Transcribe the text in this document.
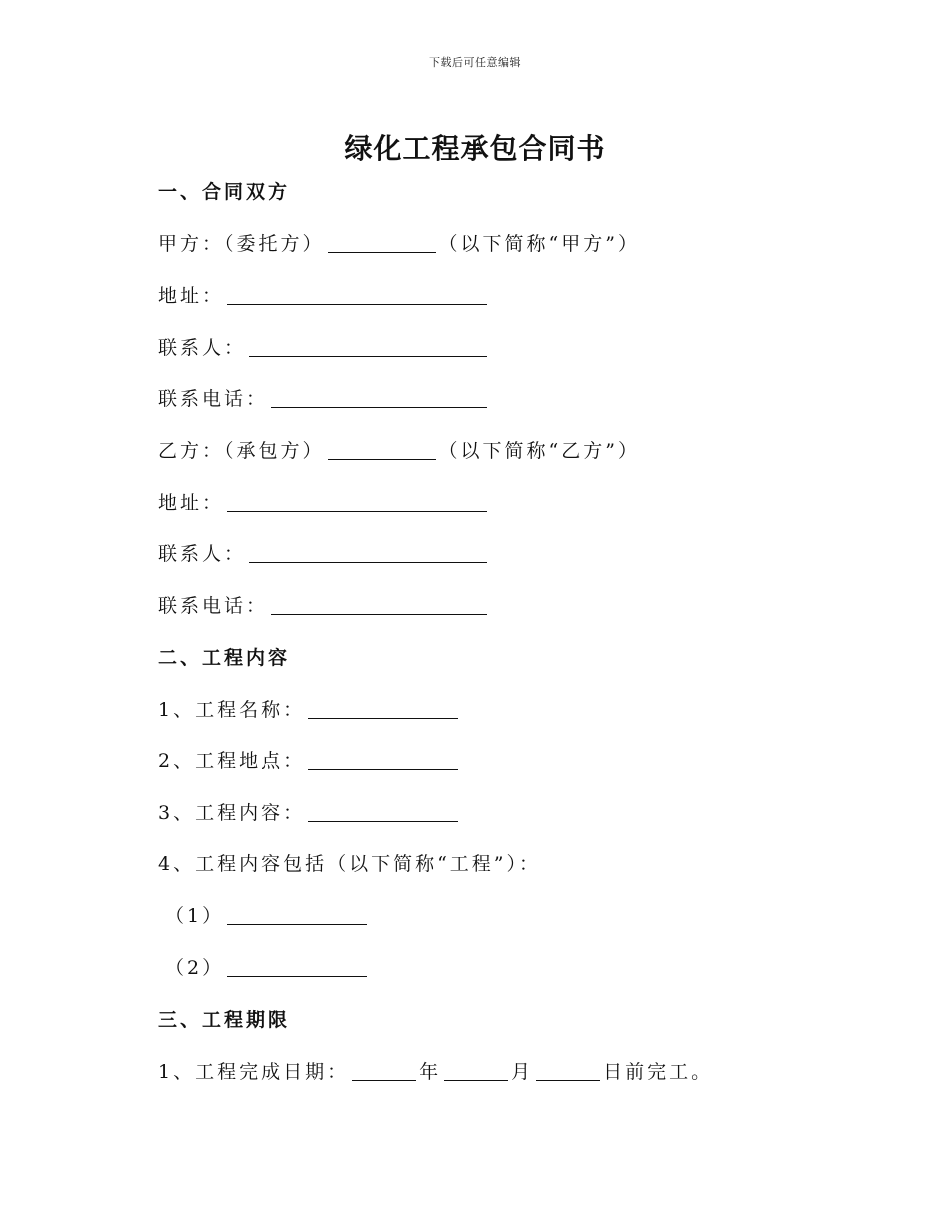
下载后可任意编辑
绿化工程承包合同书
一、合同双方
甲方：（委托方）	（以下简称“甲方”）
地址：
联系人：
联系电话：
乙方：（承包方）	（以下简称“乙方”）
地址：
联系人：
联系电话：
二、工程内容
1、工程名称：
2、工程地点：
3、工程内容：
4、工程内容包括（以下简称“工程”）：
（1）
（2）
三、工程期限
1、工程完成日期：	年	月	日前完工。
